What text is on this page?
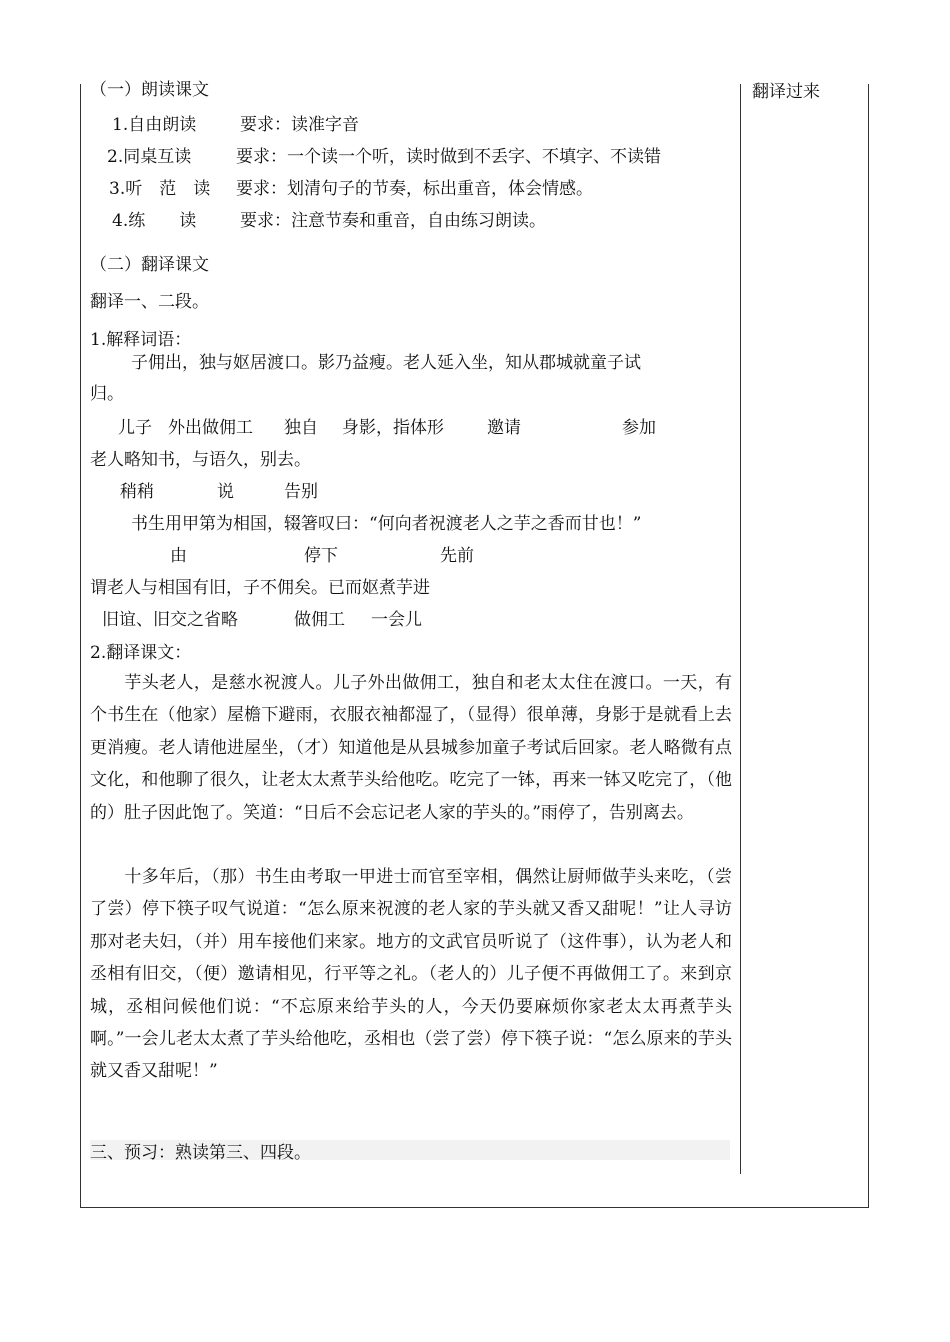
翻译过来
（一）朗读课文
1.自由朗读	要求：读准字音
2.同桌互读	要求：一个读一个听，读时做到不丢字、不填字、不读错
3.听　范　读 要求：划清句子的节奏，标出重音，体会情感。
4.练　　读	要求：注意节奏和重音，自由练习朗读。
（二）翻译课文
翻译一、二段。
1.解释词语：
子佣出，独与妪居渡口。影乃益瘦。老人延入坐，知从郡城就童子试
归。
儿子 外出做佣工 独自 身影，指体形	邀请	参加
老人略知书，与语久，别去。
稍稍	说	告别
书生用甲第为相国，辍箸叹曰：“何向者祝渡老人之芋之香而甘也！”
由	停下	先前
谓老人与相国有旧，子不佣矣。已而妪煮芋进
旧谊、旧交之省略	做佣工 一会儿
2.翻译课文：
芋头老人，是慈水祝渡人。儿子外出做佣工，独自和老太太住在渡口。一天，有个书生在（他家）屋檐下避雨，衣服衣袖都湿了，（显得）很单薄，身影于是就看上去更消瘦。老人请他进屋坐，（才）知道他是从县城参加童子考试后回家。老人略微有点文化，和他聊了很久，让老太太煮芋头给他吃。吃完了一钵，再来一钵又吃完了，（他的）肚子因此饱了。笑道：“日后不会忘记老人家的芋头的。”雨停了，告别离去。
十多年后，（那）书生由考取一甲进士而官至宰相，偶然让厨师做芋头来吃，（尝了尝）停下筷子叹气说道：“怎么原来祝渡的老人家的芋头就又香又甜呢！”让人寻访那对老夫妇，（并）用车接他们来家。地方的文武官员听说了（这件事），认为老人和丞相有旧交，（便）邀请相见，行平等之礼。（老人的）儿子便不再做佣工了。来到京城，丞相问候他们说：“不忘原来给芋头的人，今天仍要麻烦你家老太太再煮芋头啊。”一会儿老太太煮了芋头给他吃，丞相也（尝了尝）停下筷子说：“怎么原来的芋头就又香又甜呢！”
三、预习：熟读第三、四段。
